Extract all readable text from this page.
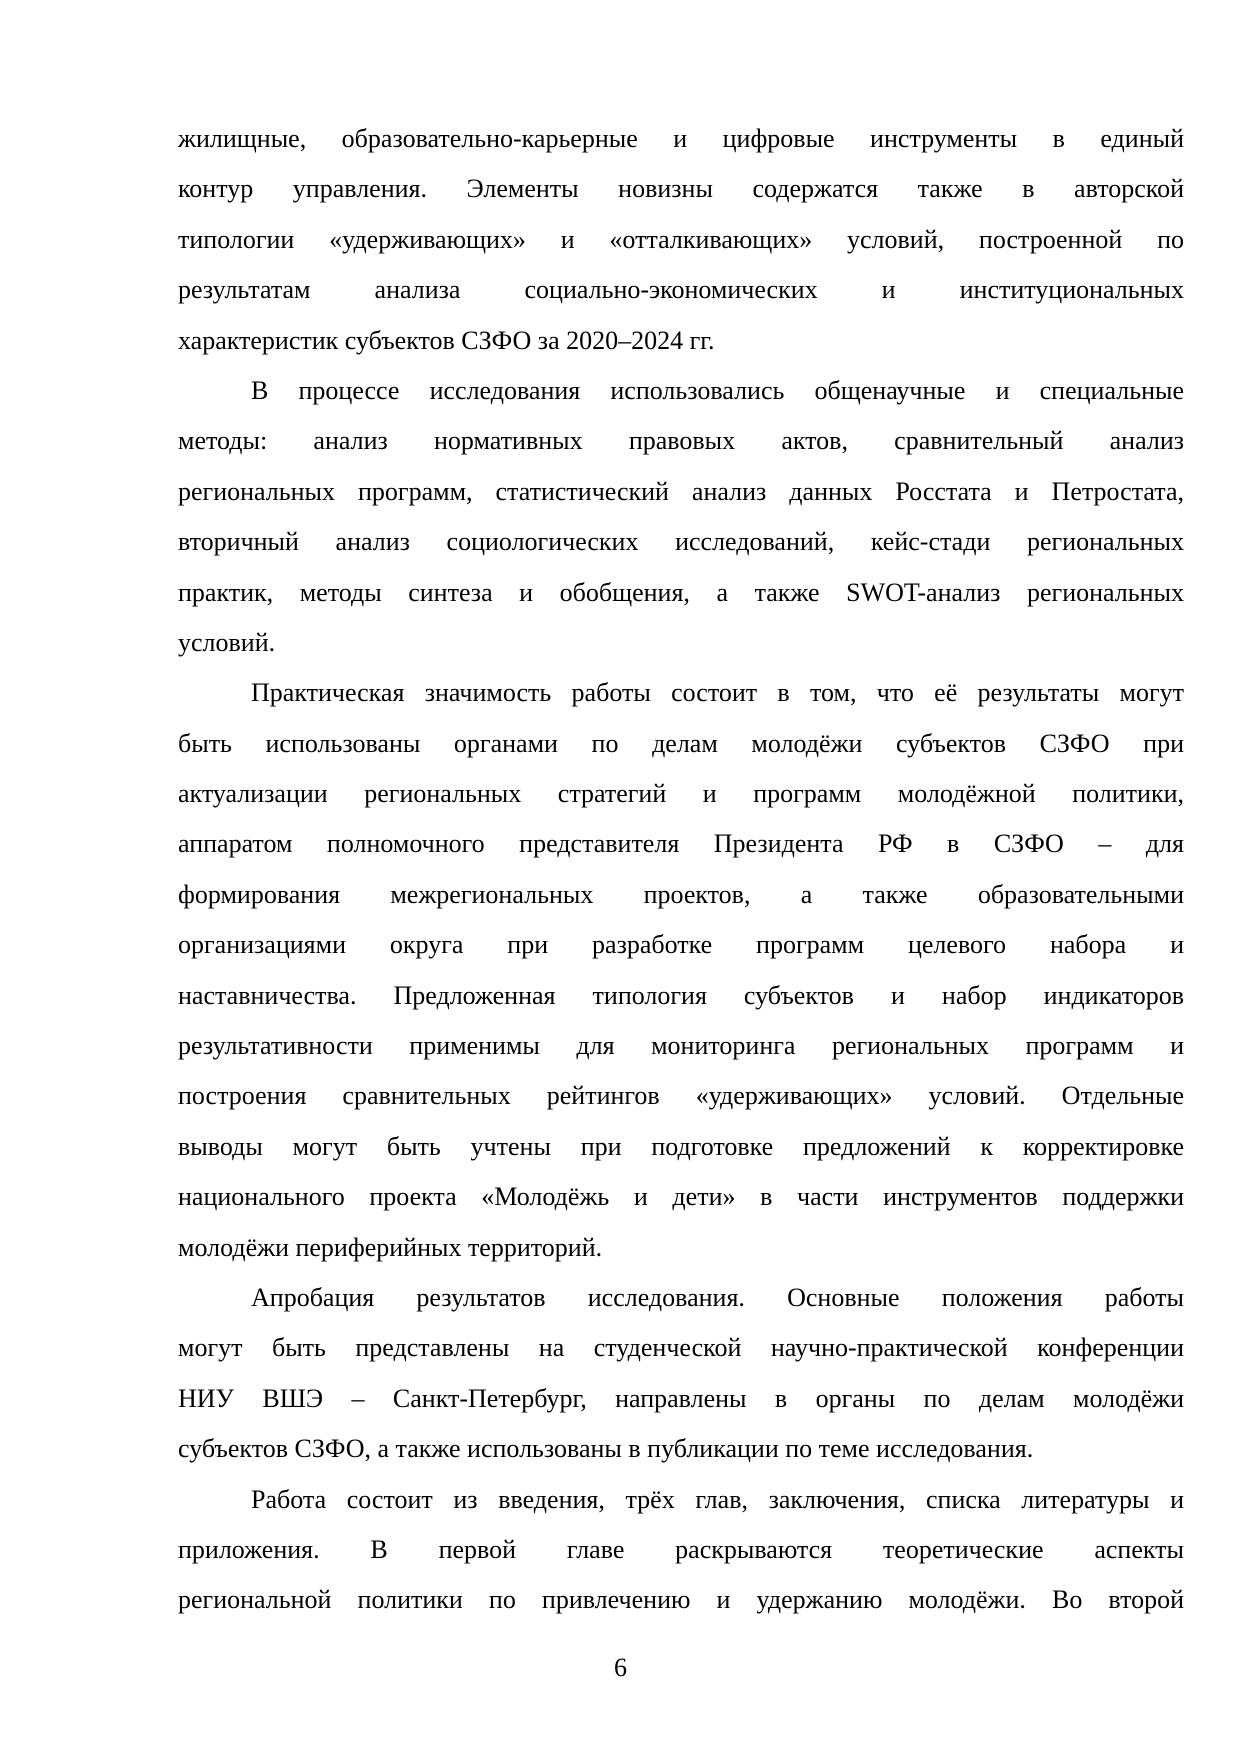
жилищные, образовательно-карьерные и цифровые инструменты в единый
контур управления. Элементы новизны содержатся также в авторской
типологии «удерживающих» и «отталкивающих» условий, построенной по
результатам анализа социально-экономических и институциональных
характеристик субъектов СЗФО за 2020–2024 гг.
В процессе исследования использовались общенаучные и специальные
методы: анализ нормативных правовых актов, сравнительный анализ
региональных программ, статистический анализ данных Росстата и Петростата,
вторичный анализ социологических исследований, кейс-стади региональных
практик, методы синтеза и обобщения, а также SWOT-анализ региональных
условий.
Практическая значимость работы состоит в том, что её результаты могут
быть использованы органами по делам молодёжи субъектов СЗФО при
актуализации региональных стратегий и программ молодёжной политики,
аппаратом полномочного представителя Президента РФ в СЗФО – для
формирования межрегиональных проектов, а также образовательными
организациями округа при разработке программ целевого набора и
наставничества. Предложенная типология субъектов и набор индикаторов
результативности применимы для мониторинга региональных программ и
построения сравнительных рейтингов «удерживающих» условий. Отдельные
выводы могут быть учтены при подготовке предложений к корректировке
национального проекта «Молодёжь и дети» в части инструментов поддержки
молодёжи периферийных территорий.
Апробация результатов исследования. Основные положения работы
могут быть представлены на студенческой научно-практической конференции
НИУ ВШЭ – Санкт-Петербург, направлены в органы по делам молодёжи
субъектов СЗФО, а также использованы в публикации по теме исследования.
Работа состоит из введения, трёх глав, заключения, списка литературы и
приложения. В первой главе раскрываются теоретические аспекты
региональной политики по привлечению и удержанию молодёжи. Во второй
6
